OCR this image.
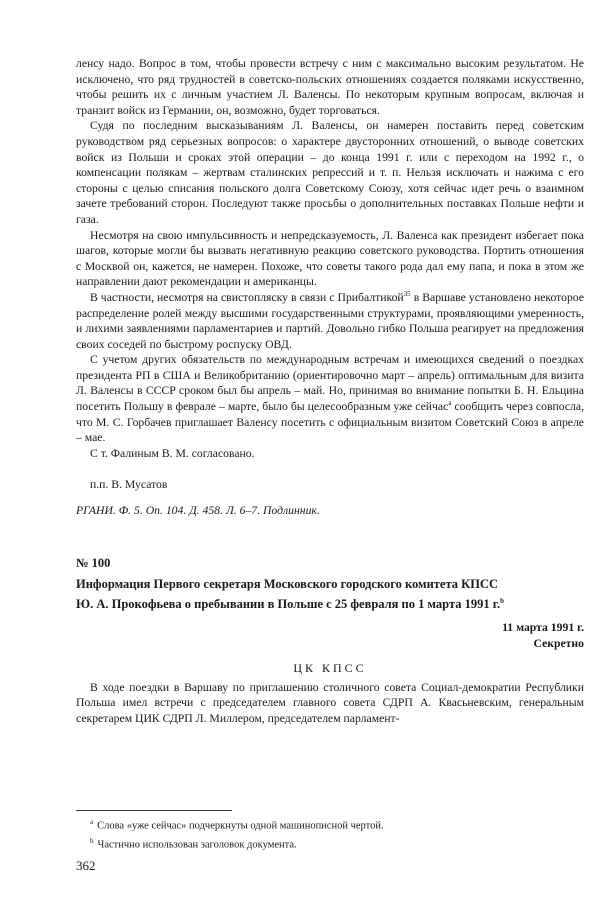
ленсу надо. Вопрос в том, чтобы провести встречу с ним с максимально высоким результатом. Не исключено, что ряд трудностей в советско-польских отношениях создается поляками искусственно, чтобы решить их с личным участием Л. Валенсы. По некоторым крупным вопросам, включая и транзит войск из Германии, он, возможно, будет торговаться.

Судя по последним высказываниям Л. Валенсы, он намерен поставить перед советским руководством ряд серьезных вопросов: о характере двусторонних отношений, о выводе советских войск из Польши и сроках этой операции – до конца 1991 г. или с переходом на 1992 г., о компенсации полякам – жертвам сталинских репрессий и т. п. Нельзя исключать и нажима с его стороны с целью списания польского долга Советскому Союзу, хотя сейчас идет речь о взаимном зачете требований сторон. Последуют также просьбы о дополнительных поставках Польше нефти и газа.

Несмотря на свою импульсивность и непредсказуемость, Л. Валенса как президент избегает пока шагов, которые могли бы вызвать негативную реакцию советского руководства. Портить отношения с Москвой он, кажется, не намерен. Похоже, что советы такого рода дал ему папа, и пока в этом же направлении дают рекомендации и американцы.

В частности, несмотря на свистопляску в связи с Прибалтикой$^{35}$ в Варшаве установлено некоторое распределение ролей между высшими государственными структурами, проявляющими умеренность, и лихими заявлениями парламентариев и партий. Довольно гибко Польша реагирует на предложения своих соседей по быстрому роспуску ОВД.

С учетом других обязательств по международным встречам и имеющихся сведений о поездках президента РП в США и Великобританию (ориентировочно март – апрель) оптимальным для визита Л. Валенсы в СССР сроком был бы апрель – май. Но, принимая во внимание попытки Б. Н. Ельцина посетить Польшу в феврале – марте, было бы целесообразным уже сейчас$^a$ сообщить через совпосла, что М. С. Горбачев приглашает Валенсу посетить с официальным визитом Советский Союз в апреле – мае.

С т. Фалиным В. М. согласовано.

п.п. В. Мусатов

РГАНИ. Ф. 5. Оп. 104. Д. 458. Л. 6–7. Подлинник.

№ 100

Информация Первого секретаря Московского городского комитета КПСС
Ю. А. Прокофьева о пребывании в Польше с 25 февраля по 1 марта 1991 г.$^b$

11 марта 1991 г.

Секретно

ЦК КПСС

В ходе поездки в Варшаву по приглашению столичного совета Социал-демократии Республики Польша имел встречи с председателем главного совета СДРП А. Квасьневским, генеральным секретарем ЦИК СДРП Л. Миллером, председателем парламент-

$^a$ Слова «уже сейчас» подчеркнуты одной машинописной чертой.

$^b$ Частично использован заголовок документа.

362
